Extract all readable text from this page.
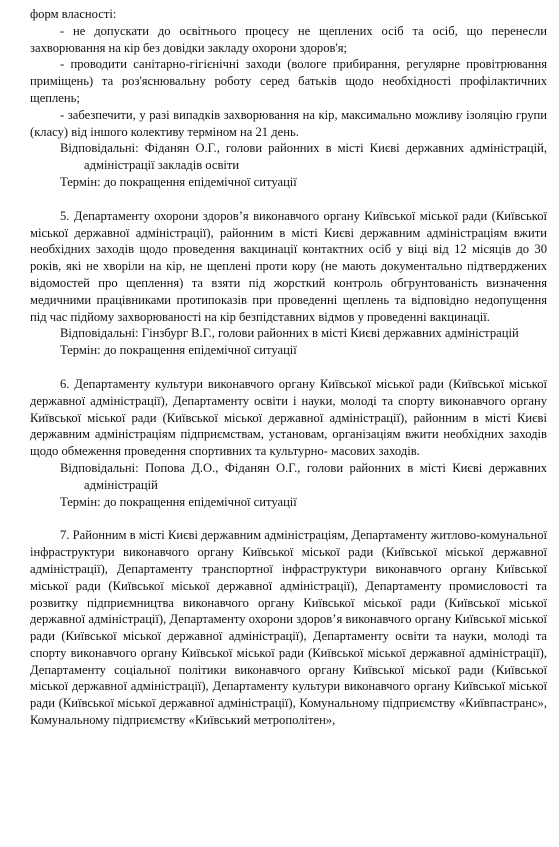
форм власності:

- не допускати до освітнього процесу не щеплених осіб та осіб, що перенесли захворювання на кір без довідки закладу охорони здоров'я;

- проводити санітарно-гігієнічні заходи (вологе прибирання, регулярне провітрювання приміщень) та роз'яснювальну роботу серед батьків щодо необхідності профілактичних щеплень;

- забезпечити, у разі випадків захворювання на кір, максимально можливу ізоляцію групи (класу) від іншого колективу терміном на 21 день.

Відповідальні: Фіданян О.Г., голови районних в місті Києві державних адміністрацій, адміністрації закладів освіти

Термін: до покращення епідемічної ситуації

5. Департаменту охорони здоров’я виконавчого органу Київської міської ради (Київської міської державної адміністрації), районним в місті Києві державним адміністраціям вжити необхідних заходів щодо проведення вакцинації контактних осіб у віці від 12 місяців до 30 років, які не хворіли на кір, не щеплені проти кору (не мають документально підтверджених відомостей про щеплення) та взяти під жорсткий контроль обгрунтованість визначення медичними працівниками протипоказів при проведенні щеплень та відповідно недопущення під час підйому захворюваності на кір безпідставних відмов у проведенні вакцинації.

Відповідальні: Гінзбург В.Г., голови районних в місті Києві державних адміністрацій

Термін: до покращення епідемічної ситуації

6. Департаменту культури виконавчого органу Київської міської ради (Київської міської державної адміністрації), Департаменту освіти і науки, молоді та спорту виконавчого органу Київської міської ради (Київської міської державної адміністрації), районним в місті Києві державним адміністраціям підприємствам, установам, організаціям вжити необхідних заходів щодо обмеження проведення спортивних та культурно- масових заходів.

Відповідальні: Попова Д.О., Фіданян О.Г., голови районних в місті Києві державних адміністрацій

Термін: до покращення епідемічної ситуації

7. Районним в місті Києві державним адміністраціям, Департаменту житлово-комунальної інфраструктури виконавчого органу Київської міської ради (Київської міської державної адміністрації), Департаменту транспортної інфраструктури виконавчого органу Київської міської ради (Київської міської державної адміністрації), Департаменту промисловості та розвитку підприємництва виконавчого органу Київської міської ради (Київської міської державної адміністрації), Департаменту охорони здоров’я виконавчого органу Київської міської ради (Київської міської державної адміністрації), Департаменту освіти та науки, молоді та спорту виконавчого органу Київської міської ради (Київської міської державної адміністрації), Департаменту соціальної політики виконавчого органу Київської міської ради (Київської міської державної адміністрації), Департаменту культури виконавчого органу Київської міської ради (Київської міської державної адміністрації), Комунальному підприємству «Київпастранс», Комунальному підприємству «Київський метрополітен»,
